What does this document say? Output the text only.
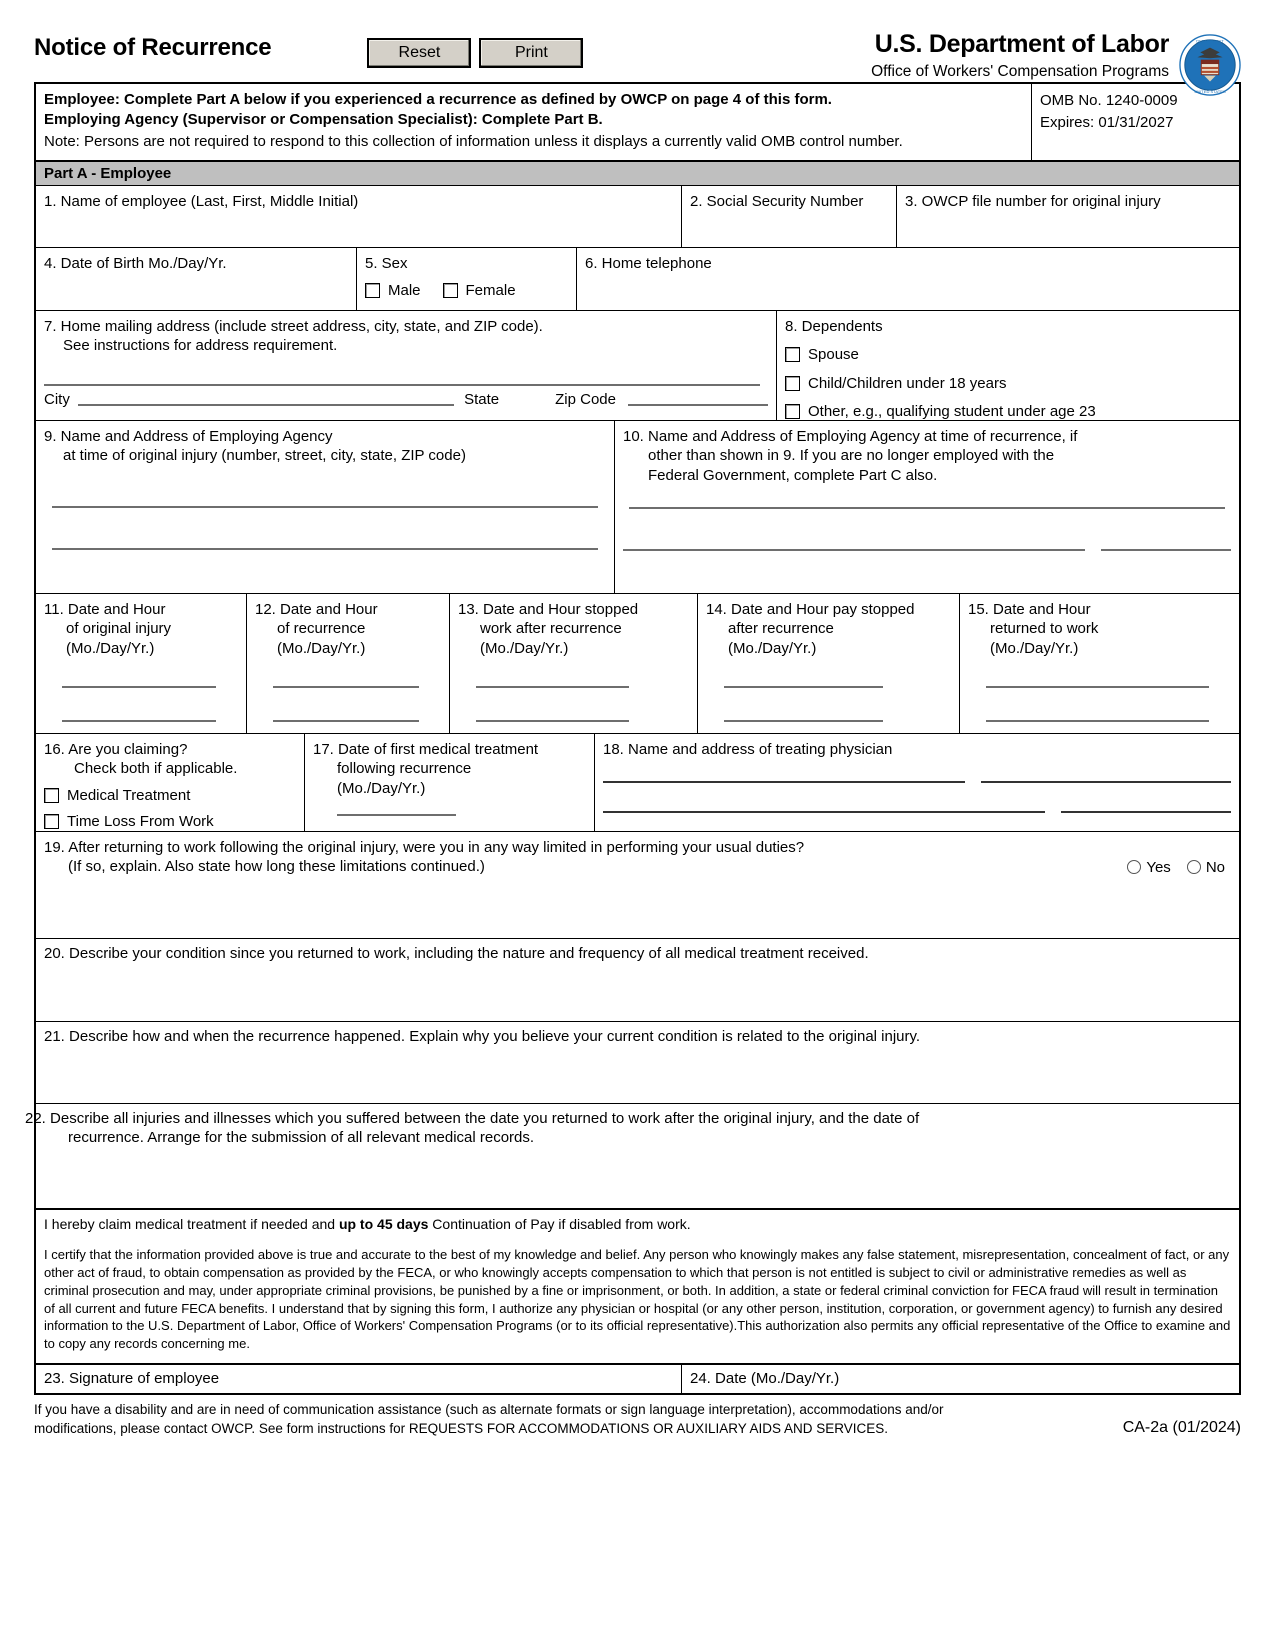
Notice of Recurrence	Reset	Print	U.S. Department of Labor
Office of Workers' Compensation Programs
DEPARTMENT
UNITED STATES
Employee: Complete Part A below if you experienced a recurrence as defined by OWCP on page 4 of this form.
Employing Agency (Supervisor or Compensation Specialist): Complete Part B.
Note: Persons are not required to respond to this collection of information unless it displays a currently valid OMB control number.
OMB No. 1240-0009
Expires: 01/31/2027
Part A - Employee
1. Name of employee (Last, First, Middle Initial)	2. Social Security Number	3. OWCP file number for original injury
4. Date of Birth Mo./Day/Yr.	5. Sex
Male	Female
6. Home telephone
7. Home mailing address (include street address, city, state, and ZIP code).
See instructions for address requirement.
City	State	Zip Code
8. Dependents
Spouse
Child/Children under 18 years
Other, e.g., qualifying student under age 23
9. Name and Address of Employing Agency
at time of original injury (number, street, city, state, ZIP code)
10. Name and Address of Employing Agency at time of recurrence, if
other than shown in 9. If you are no longer employed with the
Federal Government, complete Part C also.
11. Date and Hour
of original injury
(Mo./Day/Yr.)
12. Date and Hour
of recurrence
(Mo./Day/Yr.)
13. Date and Hour stopped
work after recurrence
(Mo./Day/Yr.)
14. Date and Hour pay stopped
after recurrence
(Mo./Day/Yr.)
15. Date and Hour
returned to work
(Mo./Day/Yr.)
16. Are you claiming?
Check both if applicable.
Medical Treatment
Time Loss From Work
17. Date of first medical treatment
following recurrence
(Mo./Day/Yr.)
18. Name and address of treating physician
19. After returning to work following the original injury, were you in any way limited in performing your usual duties?
(If so, explain. Also state how long these limitations continued.)	Yes No
20. Describe your condition since you returned to work, including the nature and frequency of all medical treatment received.
21. Describe how and when the recurrence happened. Explain why you believe your current condition is related to the original injury.
22. Describe all injuries and illnesses which you suffered between the date you returned to work after the original injury, and the date of
recurrence. Arrange for the submission of all relevant medical records.
I hereby claim medical treatment if needed and up to 45 days Continuation of Pay if disabled from work.
I certify that the information provided above is true and accurate to the best of my knowledge and belief. Any person who knowingly makes any false statement, misrepresentation, concealment of fact, or any other act of fraud, to obtain compensation as provided by the FECA, or who knowingly accepts compensation to which that person is not entitled is subject to civil or administrative remedies as well as criminal prosecution and may, under appropriate criminal provisions, be punished by a fine or imprisonment, or both. In addition, a state or federal criminal conviction for FECA fraud will result in termination of all current and future FECA benefits. I understand that by signing this form, I authorize any physician or hospital (or any other person, institution, corporation, or government agency) to furnish any desired information to the U.S. Department of Labor, Office of Workers' Compensation Programs (or to its official representative).This authorization also permits any official representative of the Office to examine and to copy any records concerning me.
23. Signature of employee	24. Date (Mo./Day/Yr.)
If you have a disability and are in need of communication assistance (such as alternate formats or sign language interpretation), accommodations and/or
modifications, please contact OWCP. See form instructions for REQUESTS FOR ACCOMMODATIONS OR AUXILIARY AIDS AND SERVICES.	CA-2a (01/2024)
